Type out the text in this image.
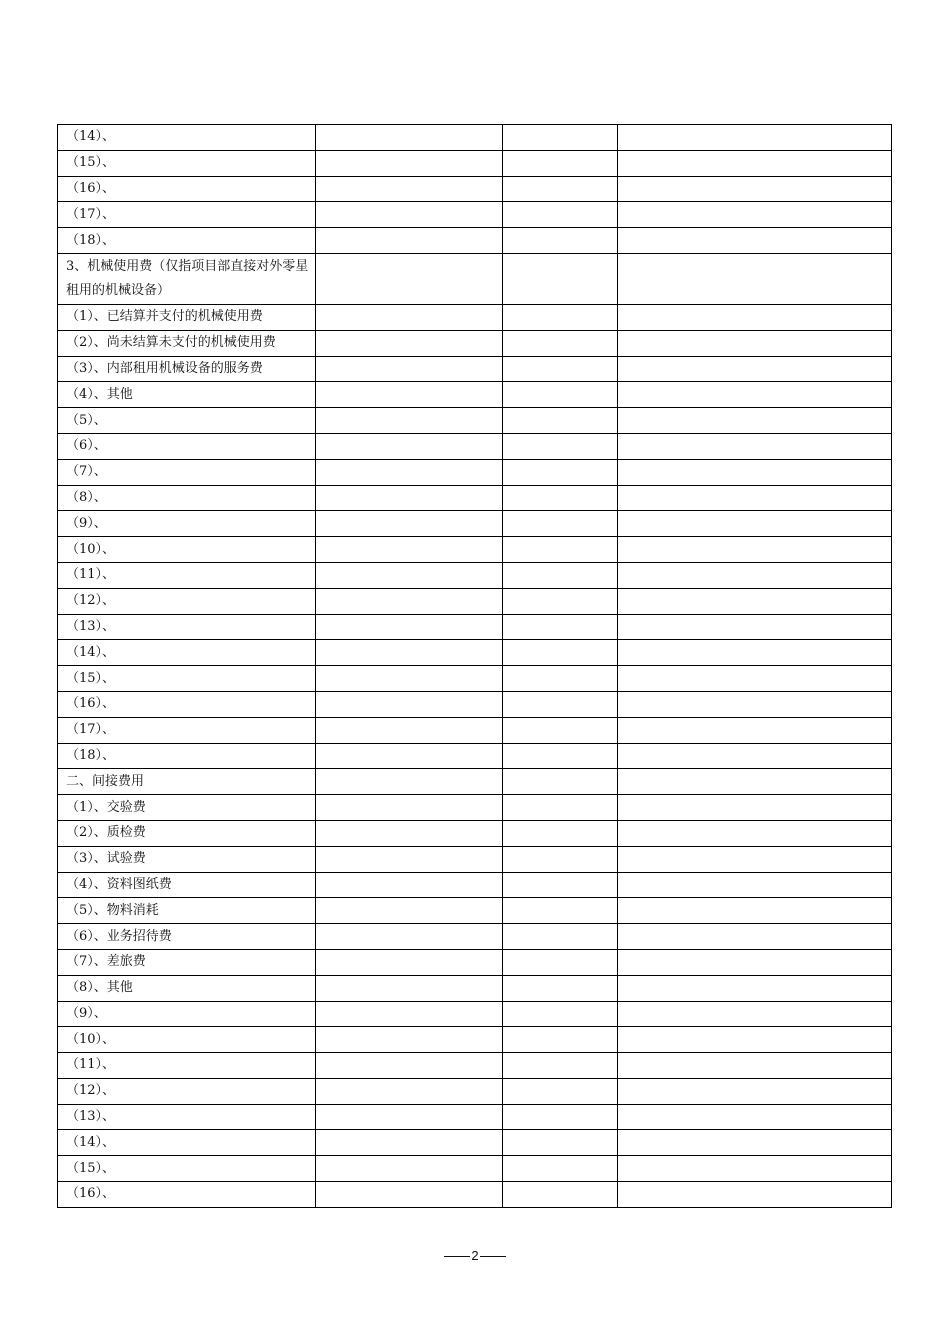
（14）、			
（15）、			
（16）、			
（17）、			
（18）、			
3、机械使用费（仅指项目部直接对外零星租用的机械设备）			
（1）、已结算并支付的机械使用费			
（2）、尚未结算未支付的机械使用费			
（3）、内部租用机械设备的服务费			
（4）、其他			
（5）、			
（6）、			
（7）、			
（8）、			
（9）、			
（10）、			
（11）、			
（12）、			
（13）、			
（14）、			
（15）、			
（16）、			
（17）、			
（18）、			
二、间接费用			
（1）、交验费			
（2）、质检费			
（3）、试验费			
（4）、资料图纸费			
（5）、物料消耗			
（6）、业务招待费			
（7）、差旅费			
（8）、其他			
（9）、			
（10）、			
（11）、			
（12）、			
（13）、			
（14）、			
（15）、			
（16）、			
2
